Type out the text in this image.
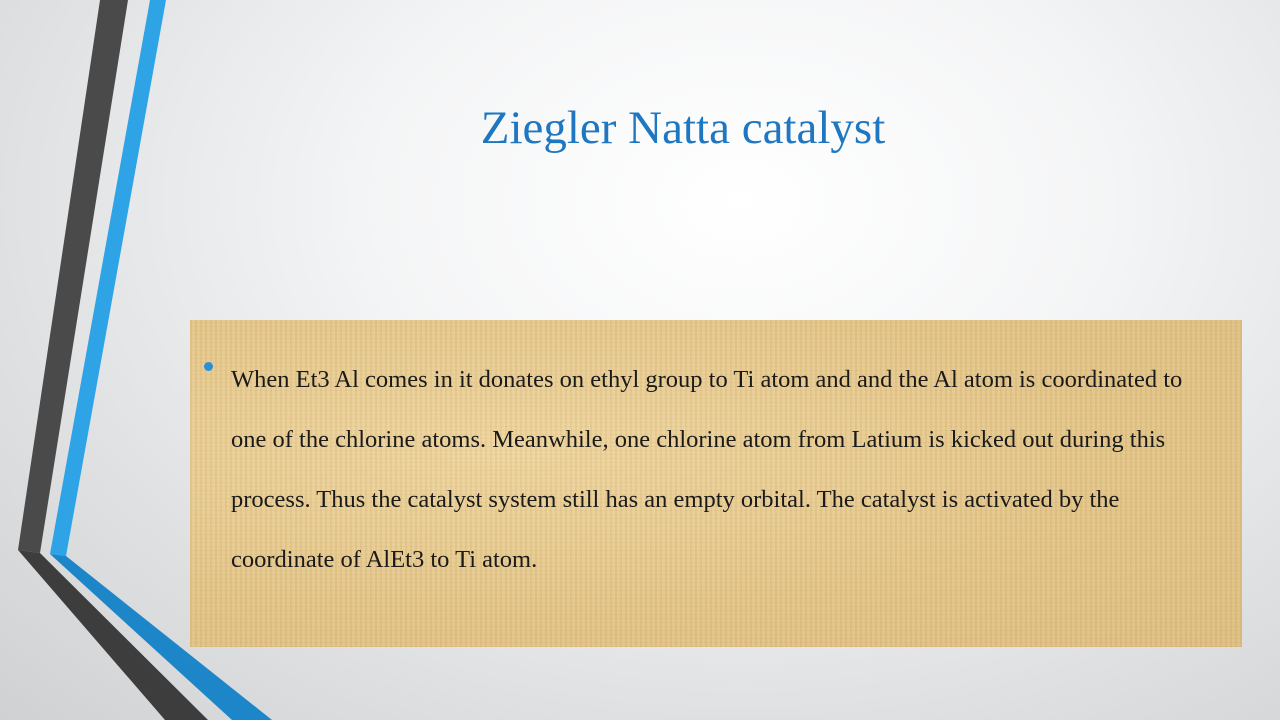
Ziegler Natta catalyst

When Et3 Al comes in it donates on ethyl group to Ti atom and and the Al atom is coordinated to one of the chlorine atoms. Meanwhile, one chlorine atom from Latium is kicked out during this process. Thus the catalyst system still has an empty orbital. The catalyst is activated by the coordinate of AlEt3 to Ti atom.
